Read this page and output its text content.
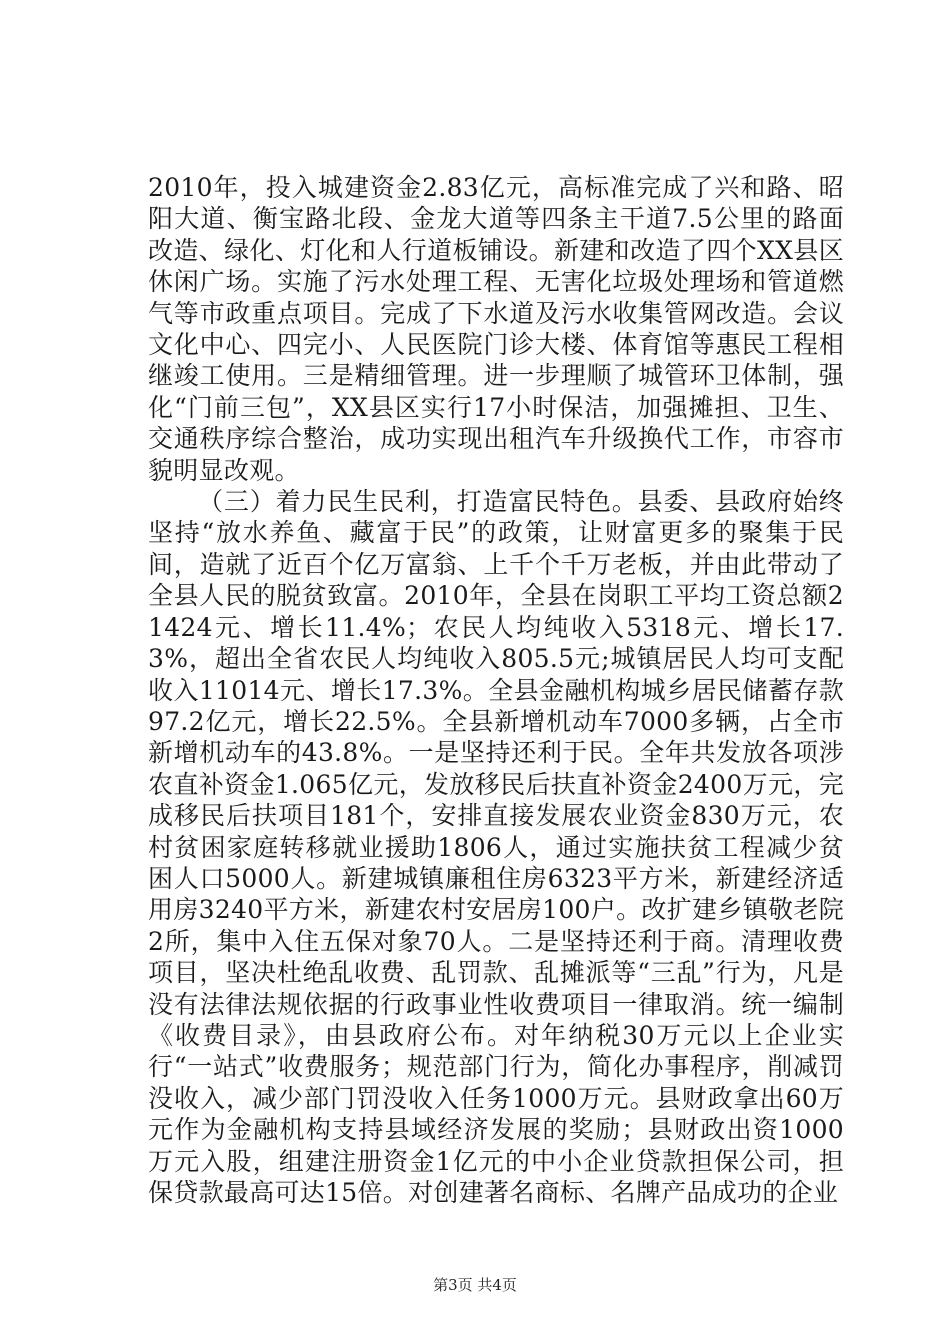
2010年，投入城建资金2.83亿元，高标准完成了兴和路、昭阳大道、衡宝路北段、金龙大道等四条主干道7.5公里的路面改造、绿化、灯化和人行道板铺设。新建和改造了四个XX县区休闲广场。实施了污水处理工程、无害化垃圾处理场和管道燃气等市政重点项目。完成了下水道及污水收集管网改造。会议文化中心、四完小、人民医院门诊大楼、体育馆等惠民工程相继竣工使用。三是精细管理。进一步理顺了城管环卫体制，强化“门前三包”，XX县区实行17小时保洁，加强摊担、卫生、交通秩序综合整治，成功实现出租汽车升级换代工作，市容市貌明显改观。

（三）着力民生民利，打造富民特色。县委、县政府始终坚持“放水养鱼、藏富于民”的政策，让财富更多的聚集于民间，造就了近百个亿万富翁、上千个千万老板，并由此带动了全县人民的脱贫致富。2010年，全县在岗职工平均工资总额21424元、增长11.4%；农民人均纯收入5318元、增长17.3%，超出全省农民人均纯收入805.5元;城镇居民人均可支配收入11014元、增长17.3%。全县金融机构城乡居民储蓄存款97.2亿元，增长22.5%。全县新增机动车7000多辆，占全市新增机动车的43.8%。一是坚持还利于民。全年共发放各项涉农直补资金1.065亿元，发放移民后扶直补资金2400万元，完成移民后扶项目181个，安排直接发展农业资金830万元，农村贫困家庭转移就业援助1806人，通过实施扶贫工程减少贫困人口5000人。新建城镇廉租住房6323平方米，新建经济适用房3240平方米，新建农村安居房100户。改扩建乡镇敬老院2所，集中入住五保对象70人。二是坚持还利于商。清理收费项目，坚决杜绝乱收费、乱罚款、乱摊派等“三乱”行为，凡是没有法律法规依据的行政事业性收费项目一律取消。统一编制《收费目录》，由县政府公布。对年纳税30万元以上企业实行“一站式”收费服务；规范部门行为，简化办事程序，削减罚没收入，减少部门罚没收入任务1000万元。县财政拿出60万元作为金融机构支持县域经济发展的奖励；县财政出资1000万元入股，组建注册资金1亿元的中小企业贷款担保公司，担保贷款最高可达15倍。对创建著名商标、名牌产品成功的企业

第3页 共4页
